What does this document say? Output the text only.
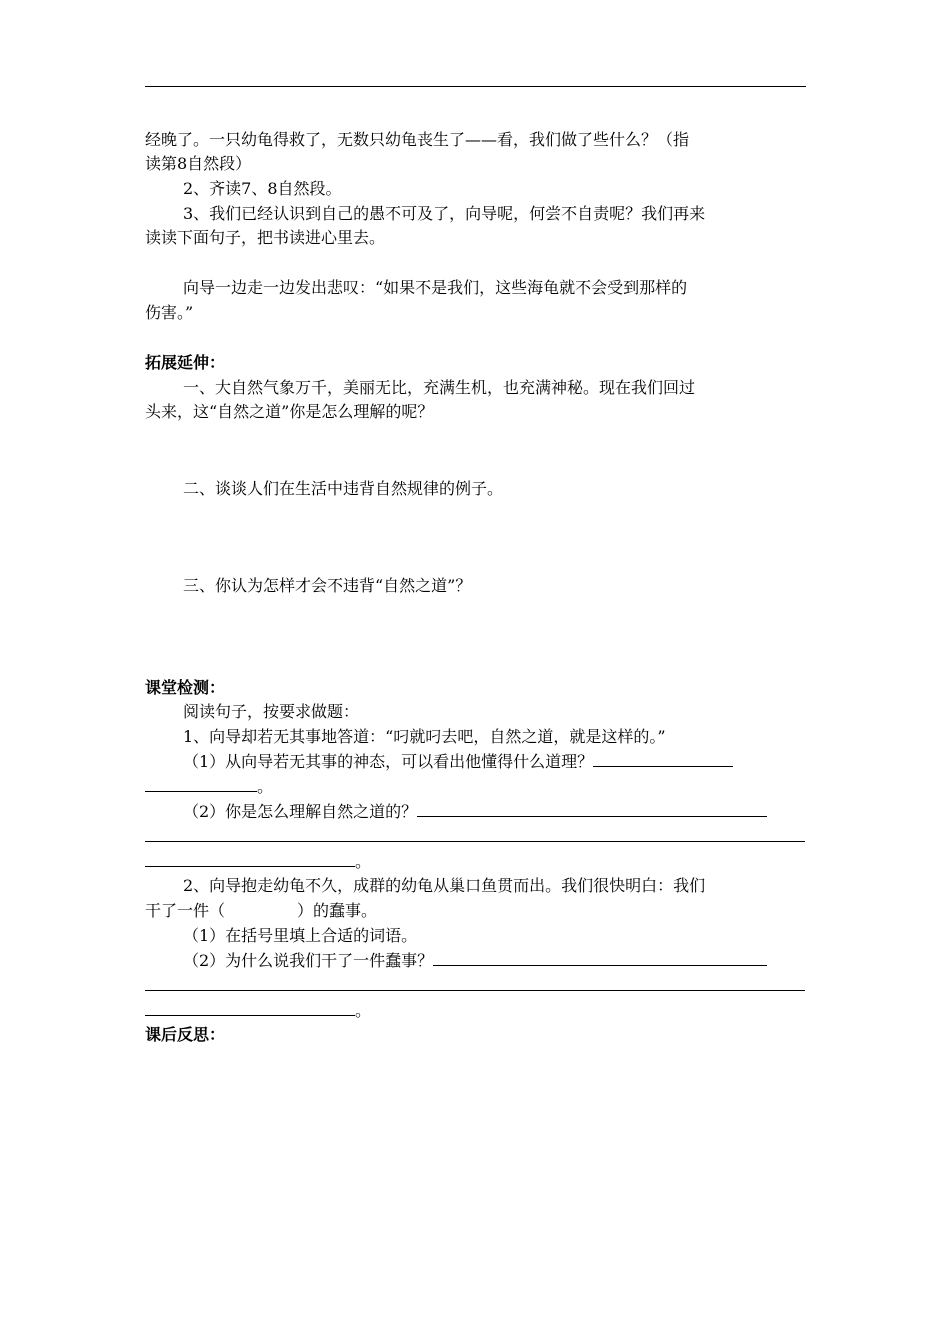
经晚了。一只幼龟得救了，无数只幼龟丧生了——看，我们做了些什么？（指
读第8自然段）
2、齐读7、8自然段。
3、我们已经认识到自己的愚不可及了，向导呢，何尝不自责呢？我们再来
读读下面句子，把书读进心里去。
向导一边走一边发出悲叹：“如果不是我们，这些海龟就不会受到那样的
伤害。”
拓展延伸：
一、大自然气象万千，美丽无比，充满生机，也充满神秘。现在我们回过
头来，这“自然之道”你是怎么理解的呢？
二、谈谈人们在生活中违背自然规律的例子。
三、你认为怎样才会不违背“自然之道”？
课堂检测：
阅读句子，按要求做题：
1、向导却若无其事地答道：“叼就叼去吧，自然之道，就是这样的。”
（1）从向导若无其事的神态，可以看出他懂得什么道理？
。
（2）你是怎么理解自然之道的？
。
2、向导抱走幼龟不久，成群的幼龟从巢口鱼贯而出。我们很快明白：我们
干了一件（	）的蠢事。
（1）在括号里填上合适的词语。
（2）为什么说我们干了一件蠢事？
。
课后反思：
